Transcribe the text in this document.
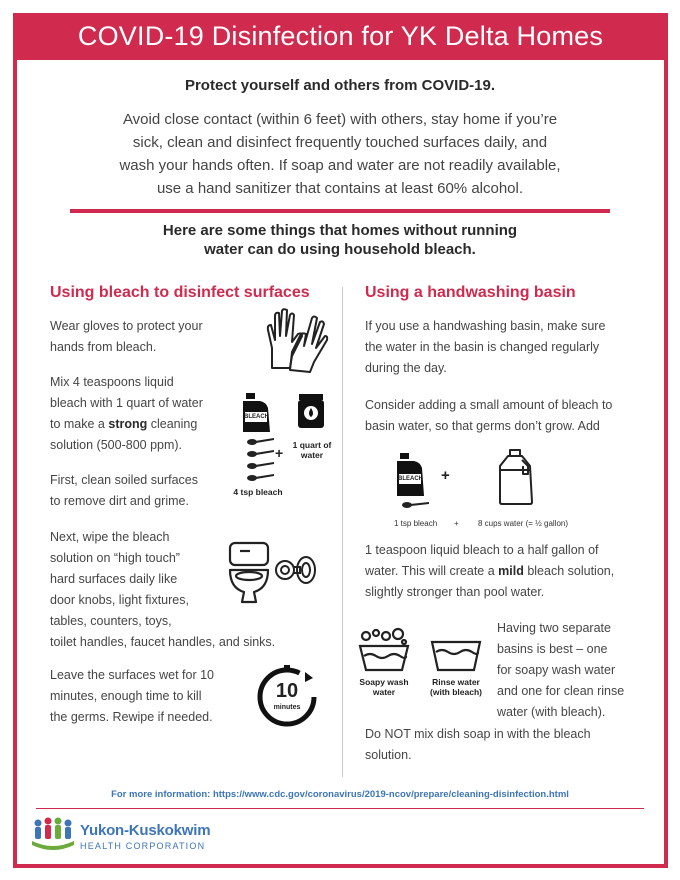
COVID-19 Disinfection for YK Delta Homes
Protect yourself and others from COVID-19.
Avoid close contact (within 6 feet) with others, stay home if you’re
sick, clean and disinfect frequently touched surfaces daily, and
wash your hands often. If soap and water are not readily available,
use a hand sanitizer that contains at least 60% alcohol.
Here are some things that homes without running
water can do using household bleach.
Using bleach to disinfect surfaces
Wear gloves to protect your
hands from bleach.
Mix 4 teaspoons liquid
bleach with 1 quart of water
to make a strong cleaning
solution (500-800 ppm).
BLEACH
+	1 quart of
water
4 tsp bleach
First, clean soiled surfaces
to remove dirt and grime.
Next, wipe the bleach
solution on “high touch”
hard surfaces daily like
door knobs, light fixtures,
tables, counters, toys,
toilet handles, faucet handles, and sinks.
Leave the surfaces wet for 10
minutes, enough time to kill
the germs. Rewipe if needed.
10
minutes
Using a handwashing basin
If you use a handwashing basin, make sure
the water in the basin is changed regularly
during the day.
Consider adding a small amount of bleach to
basin water, so that germs don’t grow. Add
BLEACH +
1 tsp bleach + 8 cups water (= ½ gallon)
1 teaspoon liquid bleach to a half gallon of
water. This will create a mild bleach solution,
slightly stronger than pool water.
Soapy wash
water
Rinse water
(with bleach)
Having two separate
basins is best – one
for soapy wash water
and one for clean rinse
water (with bleach).
Do NOT mix dish soap in with the bleach
solution.
For more information: https://www.cdc.gov/coronavirus/2019-ncov/prepare/cleaning-disinfection.html
Yukon-Kuskokwim
HEALTH CORPORATION
